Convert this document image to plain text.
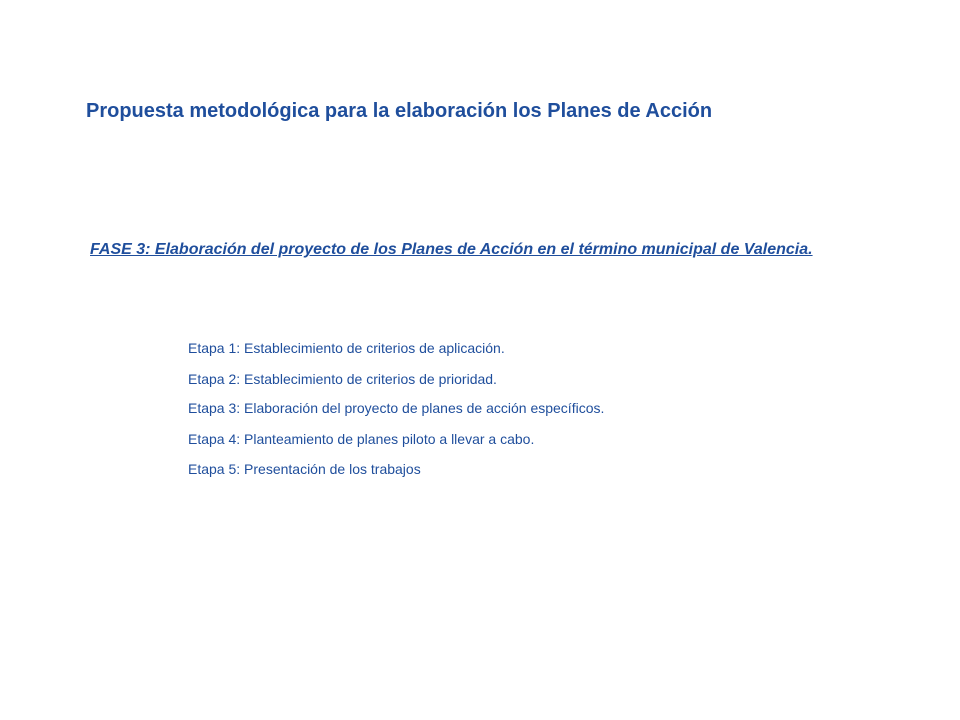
Propuesta metodológica para la elaboración los Planes de Acción
FASE 3: Elaboración del proyecto de los Planes de Acción en el término municipal de Valencia.
Etapa 1: Establecimiento de criterios de aplicación.
Etapa 2: Establecimiento de criterios de prioridad.
Etapa 3: Elaboración del proyecto de planes de acción específicos.
Etapa 4: Planteamiento de planes piloto a llevar a cabo.
Etapa 5: Presentación de los trabajos
